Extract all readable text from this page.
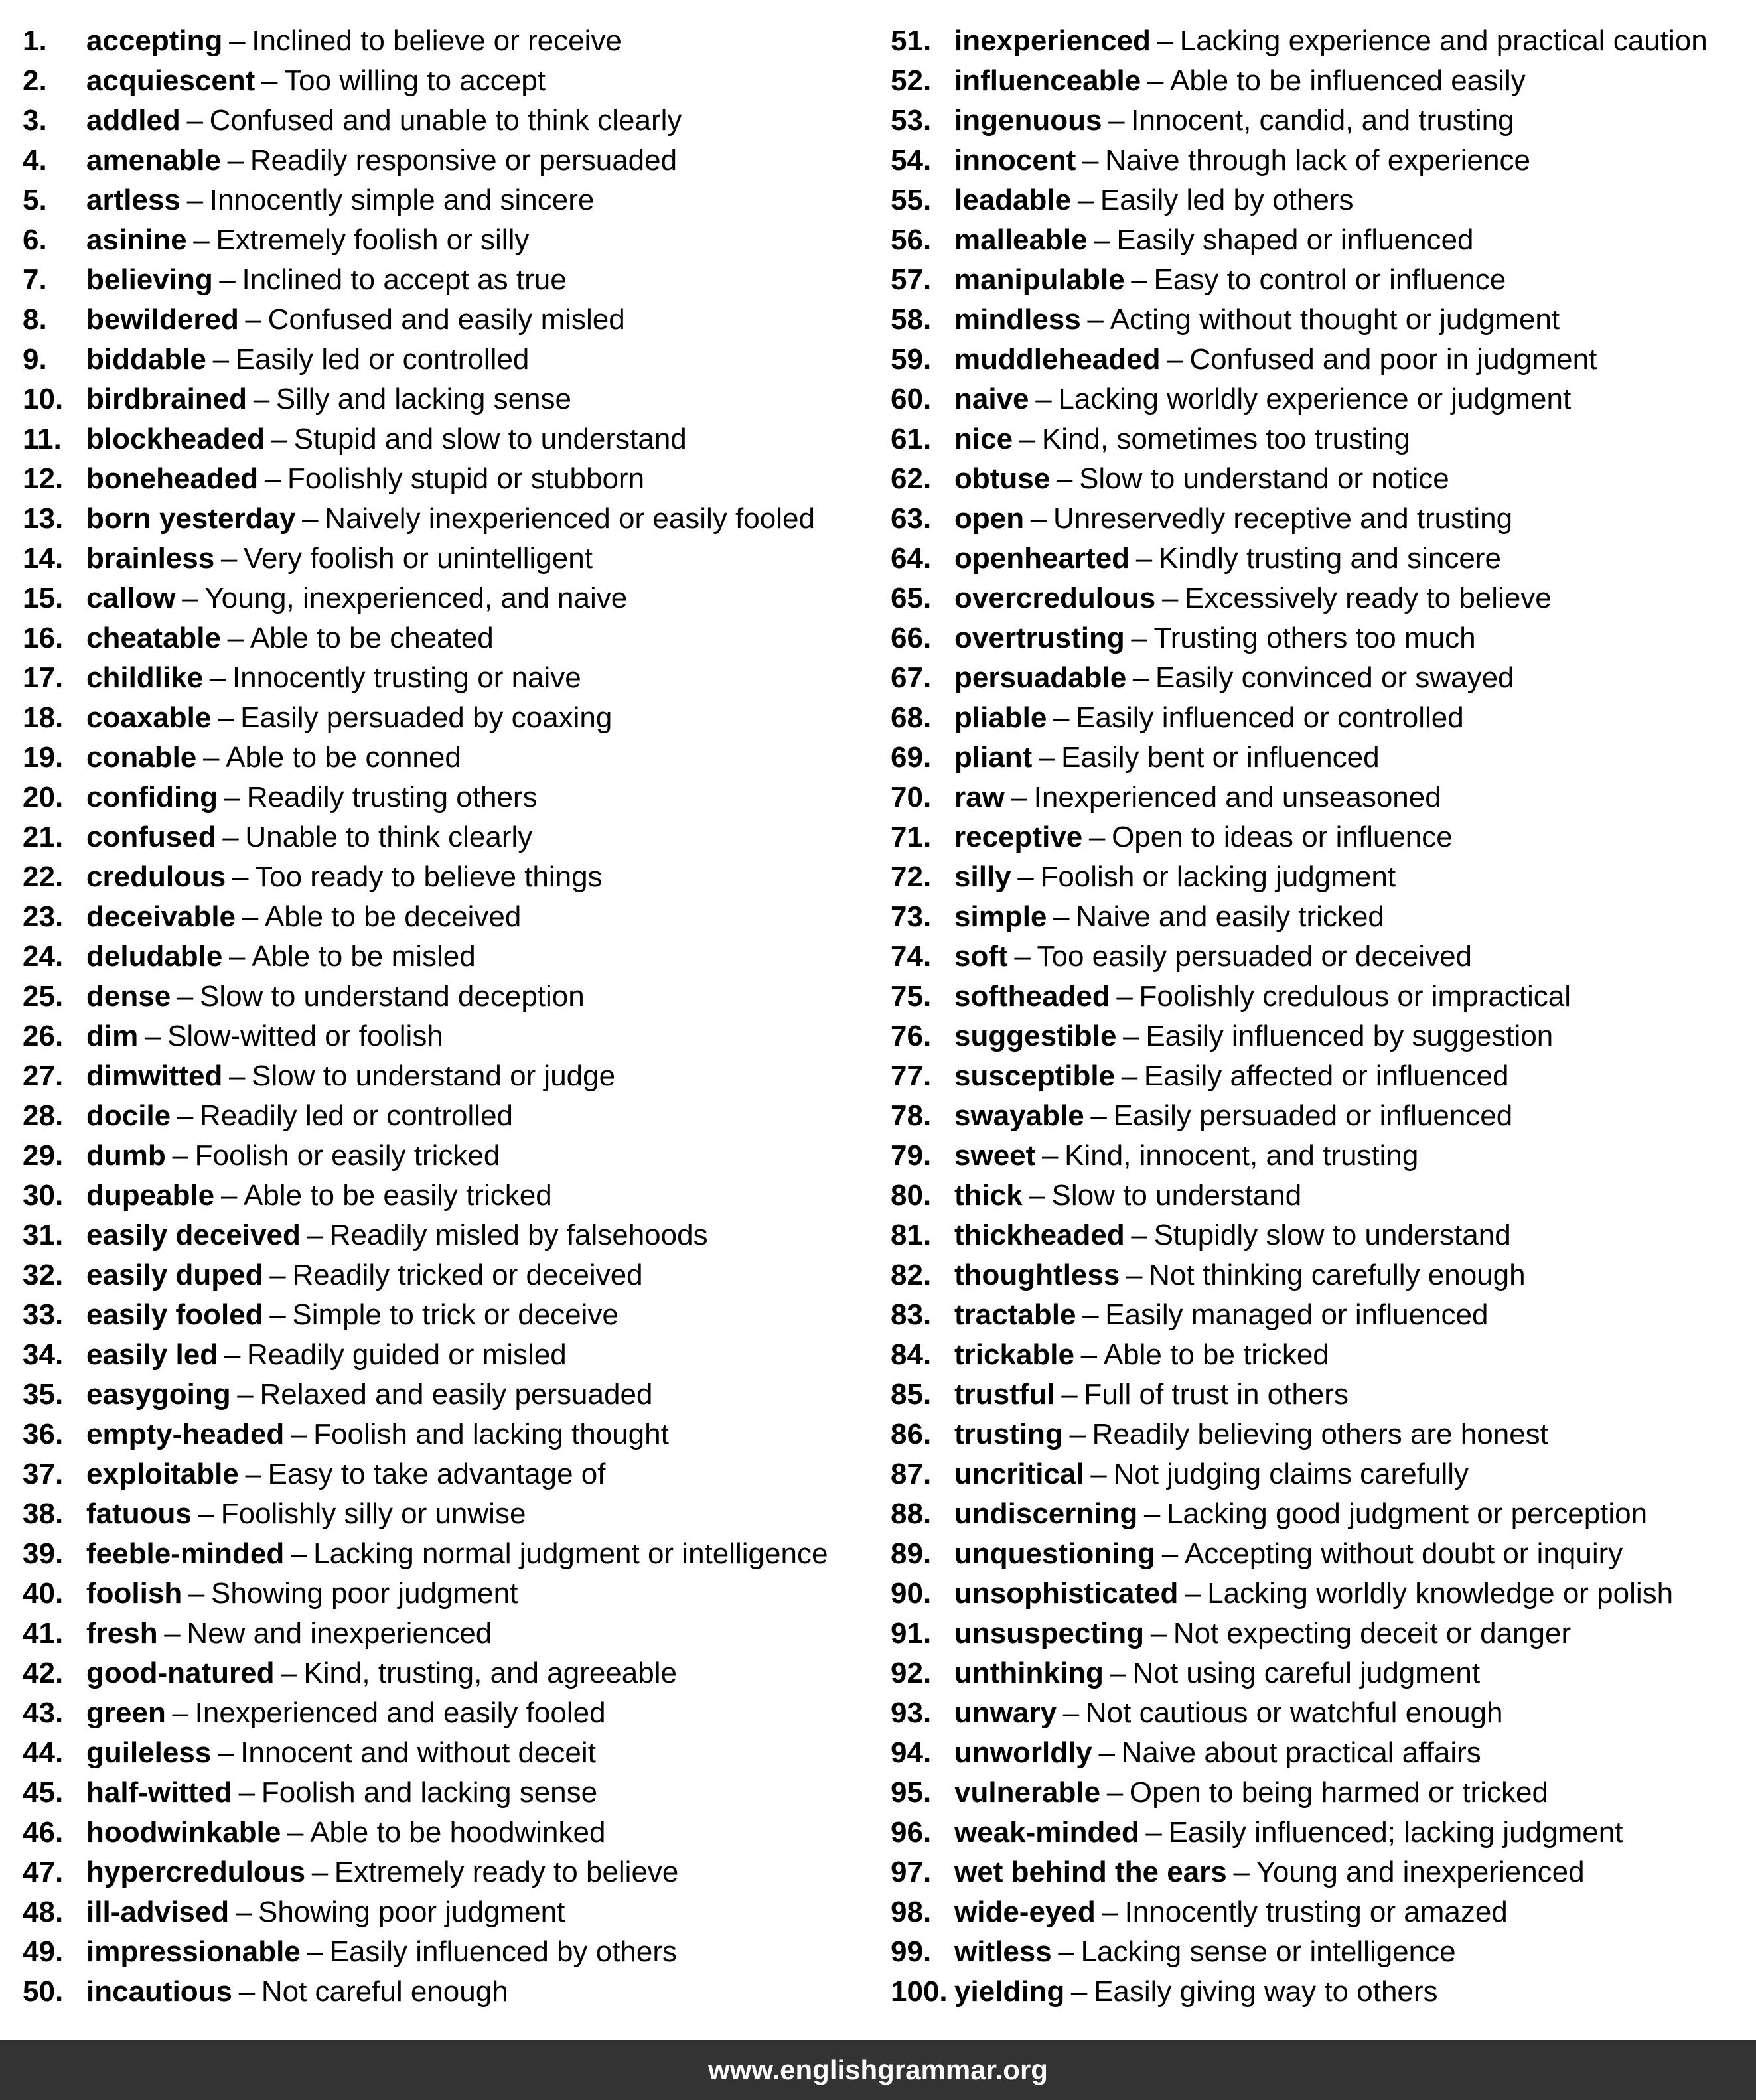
1.	accepting – Inclined to believe or receive
2.	acquiescent – Too willing to accept
3.	addled – Confused and unable to think clearly
4.	amenable – Readily responsive or persuaded
5.	artless – Innocently simple and sincere
6.	asinine – Extremely foolish or silly
7.	believing – Inclined to accept as true
8.	bewildered – Confused and easily misled
9.	biddable – Easily led or controlled
10. birdbrained – Silly and lacking sense
11. blockheaded – Stupid and slow to understand
12. boneheaded – Foolishly stupid or stubborn
13. born yesterday – Naively inexperienced or easily fooled
14. brainless – Very foolish or unintelligent
15. callow – Young, inexperienced, and naive
16. cheatable – Able to be cheated
17. childlike – Innocently trusting or naive
18. coaxable – Easily persuaded by coaxing
19. conable – Able to be conned
20. confiding – Readily trusting others
21. confused – Unable to think clearly
22. credulous – Too ready to believe things
23. deceivable – Able to be deceived
24. deludable – Able to be misled
25. dense – Slow to understand deception
26. dim – Slow-witted or foolish
27. dimwitted – Slow to understand or judge
28. docile – Readily led or controlled
29. dumb – Foolish or easily tricked
30. dupeable – Able to be easily tricked
31. easily deceived – Readily misled by falsehoods
32. easily duped – Readily tricked or deceived
33. easily fooled – Simple to trick or deceive
34. easily led – Readily guided or misled
35. easygoing – Relaxed and easily persuaded
36. empty-headed – Foolish and lacking thought
37. exploitable – Easy to take advantage of
38. fatuous – Foolishly silly or unwise
39. feeble-minded – Lacking normal judgment or intelligence
40. foolish – Showing poor judgment
41. fresh – New and inexperienced
42. good-natured – Kind, trusting, and agreeable
43. green – Inexperienced and easily fooled
44. guileless – Innocent and without deceit
45. half-witted – Foolish and lacking sense
46. hoodwinkable – Able to be hoodwinked
47. hypercredulous – Extremely ready to believe
48. ill-advised – Showing poor judgment
49. impressionable – Easily influenced by others
50. incautious – Not careful enough
51. inexperienced – Lacking experience and practical caution
52. influenceable – Able to be influenced easily
53. ingenuous – Innocent, candid, and trusting
54. innocent – Naive through lack of experience
55. leadable – Easily led by others
56. malleable – Easily shaped or influenced
57. manipulable – Easy to control or influence
58. mindless – Acting without thought or judgment
59. muddleheaded – Confused and poor in judgment
60. naive – Lacking worldly experience or judgment
61. nice – Kind, sometimes too trusting
62. obtuse – Slow to understand or notice
63. open – Unreservedly receptive and trusting
64. openhearted – Kindly trusting and sincere
65. overcredulous – Excessively ready to believe
66. overtrusting – Trusting others too much
67. persuadable – Easily convinced or swayed
68. pliable – Easily influenced or controlled
69. pliant – Easily bent or influenced
70. raw – Inexperienced and unseasoned
71. receptive – Open to ideas or influence
72. silly – Foolish or lacking judgment
73. simple – Naive and easily tricked
74. soft – Too easily persuaded or deceived
75. softheaded – Foolishly credulous or impractical
76. suggestible – Easily influenced by suggestion
77. susceptible – Easily affected or influenced
78. swayable – Easily persuaded or influenced
79. sweet – Kind, innocent, and trusting
80. thick – Slow to understand
81. thickheaded – Stupidly slow to understand
82. thoughtless – Not thinking carefully enough
83. tractable – Easily managed or influenced
84. trickable – Able to be tricked
85. trustful – Full of trust in others
86. trusting – Readily believing others are honest
87. uncritical – Not judging claims carefully
88. undiscerning – Lacking good judgment or perception
89. unquestioning – Accepting without doubt or inquiry
90. unsophisticated – Lacking worldly knowledge or polish
91. unsuspecting – Not expecting deceit or danger
92. unthinking – Not using careful judgment
93. unwary – Not cautious or watchful enough
94. unworldly – Naive about practical affairs
95. vulnerable – Open to being harmed or tricked
96. weak-minded – Easily influenced; lacking judgment
97. wet behind the ears – Young and inexperienced
98. wide-eyed – Innocently trusting or amazed
99. witless – Lacking sense or intelligence
100. yielding – Easily giving way to others
www.englishgrammar.org
